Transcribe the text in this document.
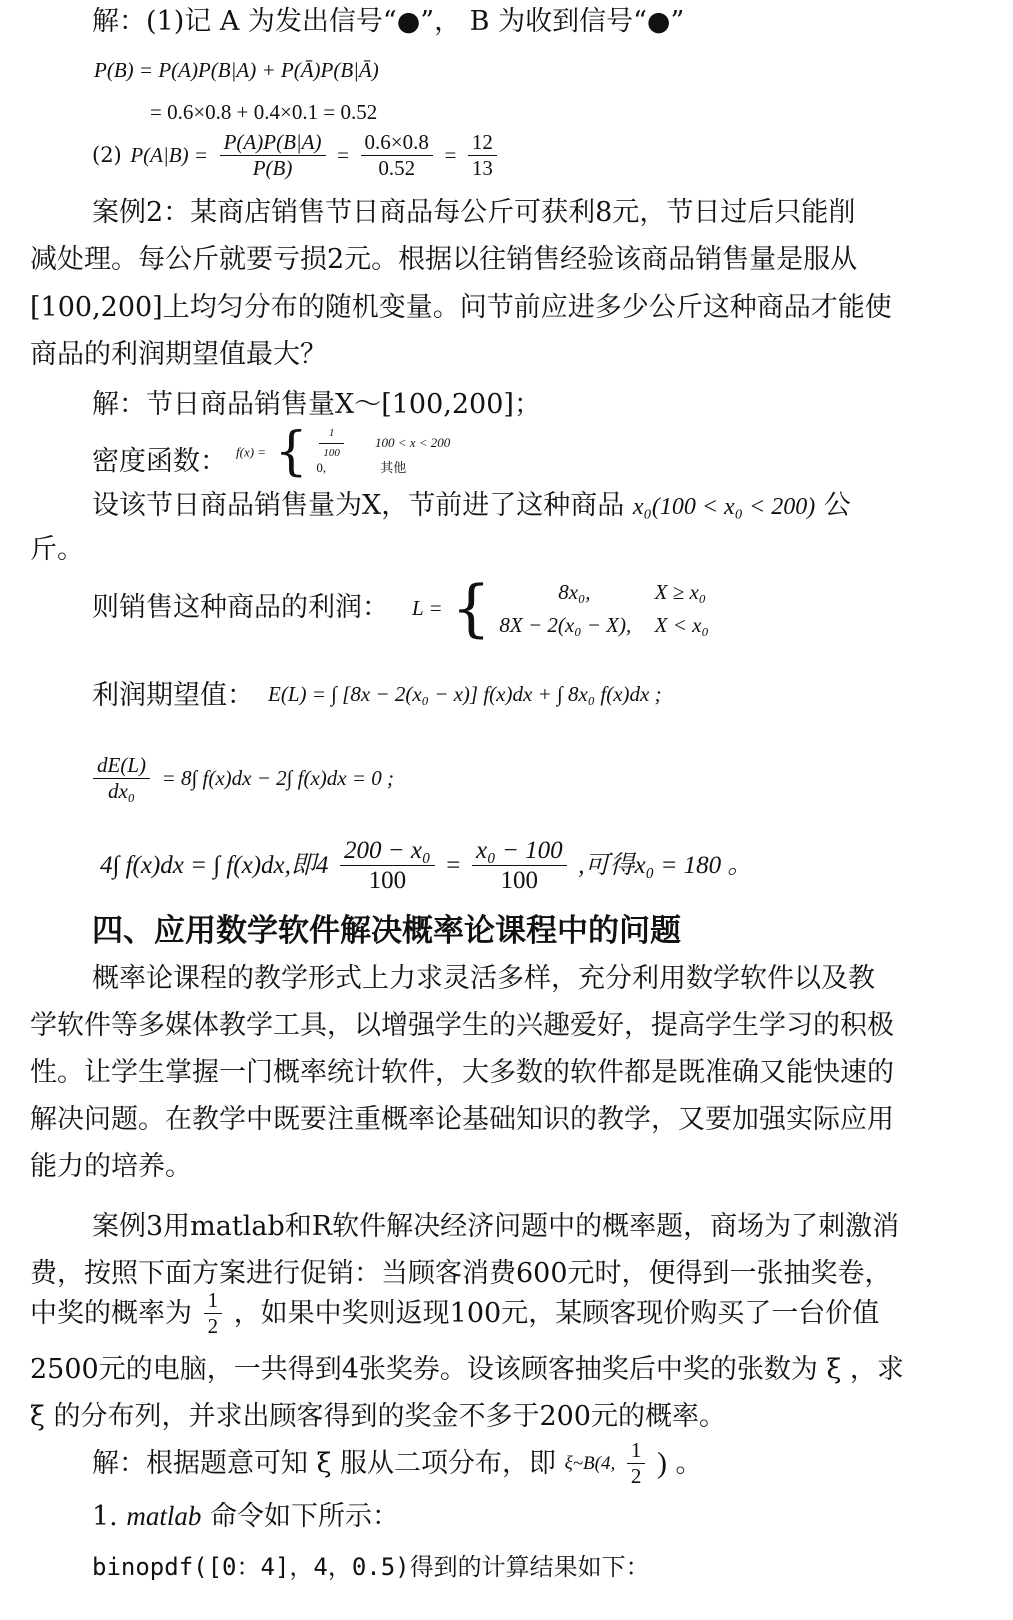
解：(1)记 A 为发出信号“●”， B 为收到信号“●”
P(B) = P(A)P(B|A) + P(Ā)P(B|Ā)
= 0.6×0.8 + 0.4×0.1 = 0.52
(2) $P(A|B) = \frac{P(A)P(B|A)}{P(B)} = \frac{0.6\times 0.8}{0.52} = \frac{12}{13}$
案例2：某商店销售节日商品每公斤可获利8元，节日过后只能削
减处理。每公斤就要亏损2元。根据以往销售经验该商品销售量是服从
[100,200]上均匀分布的随机变量。问节前应进多少公斤这种商品才能使
商品的利润期望值最大？
解：节日商品销售量X～[100,200]；
密度函数： f(x) = { $\frac{1}{100} 100 < x < 200$
0,	其他
设该节日商品销售量为X，节前进了这种商品 x₀(100 < x₀ < 200) 公
斤。
则销售这种商品的利润： L = {	8x₀,	X ≥ x₀
8X − 2(x₀ − X), X < x₀
利润期望值： E(L) = ∫ [8x − 2(x₀ − x)] f(x)dx + ∫ 8x₀ f(x)dx ;
$\frac{dE(L)}{\text{dx₀}} = 8\int$ f(x)dx − 2∫ f(x)dx = 0 ;
4∫ f(x)dx = ∫ f(x)dx,即$4 \frac{\text{200 − x₀}}{100} = \frac{\text{x₀ − 100}}{100}$ ,可得x₀ = 180 。
四、应用数学软件解决概率论课程中的问题
概率论课程的教学形式上力求灵活多样，充分利用数学软件以及教
学软件等多媒体教学工具，以增强学生的兴趣爱好，提高学生学习的积极
性。让学生掌握一门概率统计软件，大多数的软件都是既准确又能快速的
解决问题。在教学中既要注重概率论基础知识的教学，又要加强实际应用
能力的培养。
案例3用matlab和R软件解决经济问题中的概率题，商场为了刺激消
费，按照下面方案进行促销：当顾客消费600元时，便得到一张抽奖卷，
中奖的概率为 $\frac{1}{2}$ ，如果中奖则返现100元，某顾客现价购买了一台价值
2500元的电脑，一共得到4张奖券。设该顾客抽奖后中奖的张数为 ξ ，求
ξ 的分布列，并求出顾客得到的奖金不多于200元的概率。
解：根据题意可知 ξ 服从二项分布，即 ξ~B(4, $\frac{1}{2}$ ) 。
1. matlab 命令如下所示：
binopdf([0：4]，4，0.5)得到的计算结果如下：
